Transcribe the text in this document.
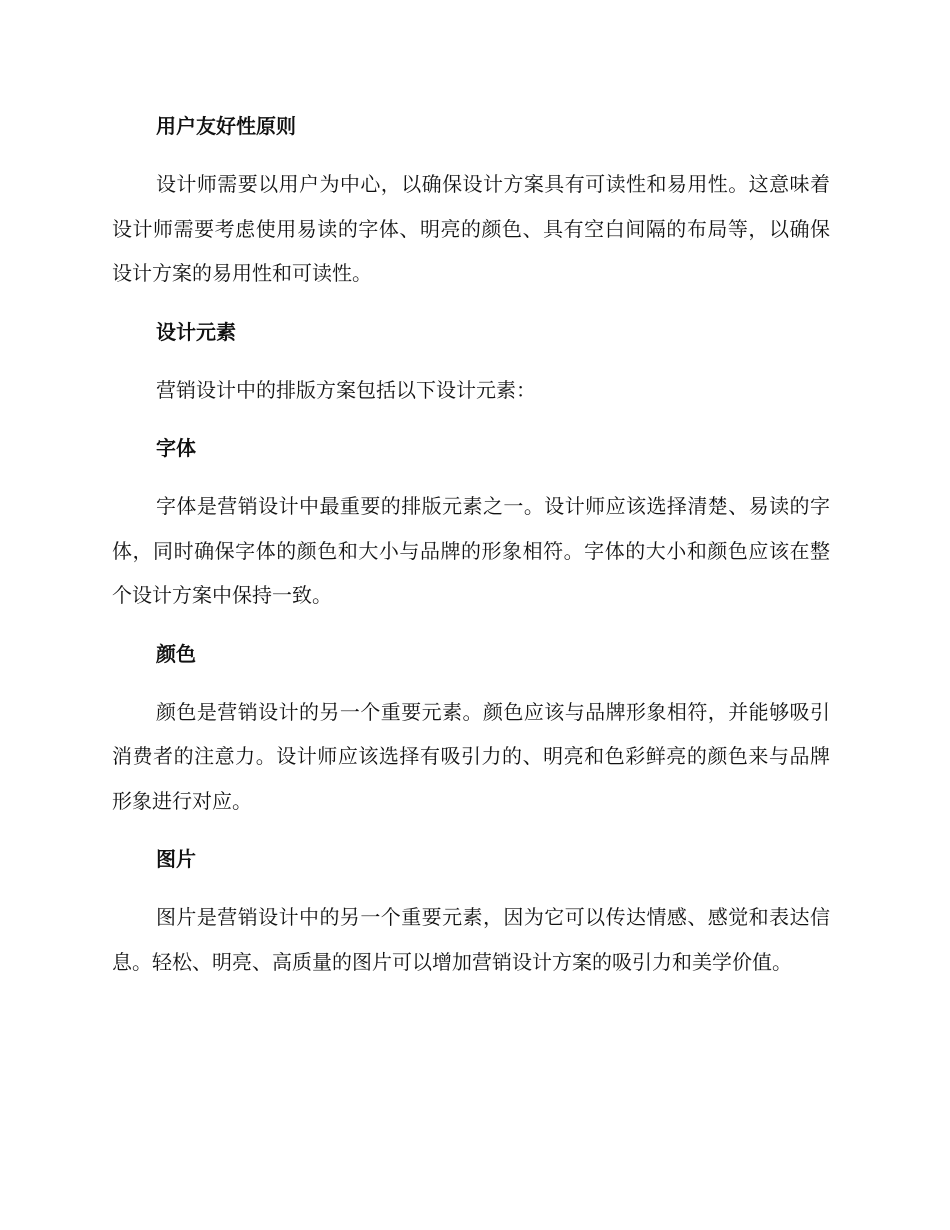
用户友好性原则

设计师需要以用户为中心，以确保设计方案具有可读性和易用性。这意味着设计师需要考虑使用易读的字体、明亮的颜色、具有空白间隔的布局等，以确保设计方案的易用性和可读性。

设计元素

营销设计中的排版方案包括以下设计元素：

字体

字体是营销设计中最重要的排版元素之一。设计师应该选择清楚、易读的字体，同时确保字体的颜色和大小与品牌的形象相符。字体的大小和颜色应该在整个设计方案中保持一致。

颜色

颜色是营销设计的另一个重要元素。颜色应该与品牌形象相符，并能够吸引消费者的注意力。设计师应该选择有吸引力的、明亮和色彩鲜亮的颜色来与品牌形象进行对应。

图片

图片是营销设计中的另一个重要元素，因为它可以传达情感、感觉和表达信息。轻松、明亮、高质量的图片可以增加营销设计方案的吸引力和美学价值。
